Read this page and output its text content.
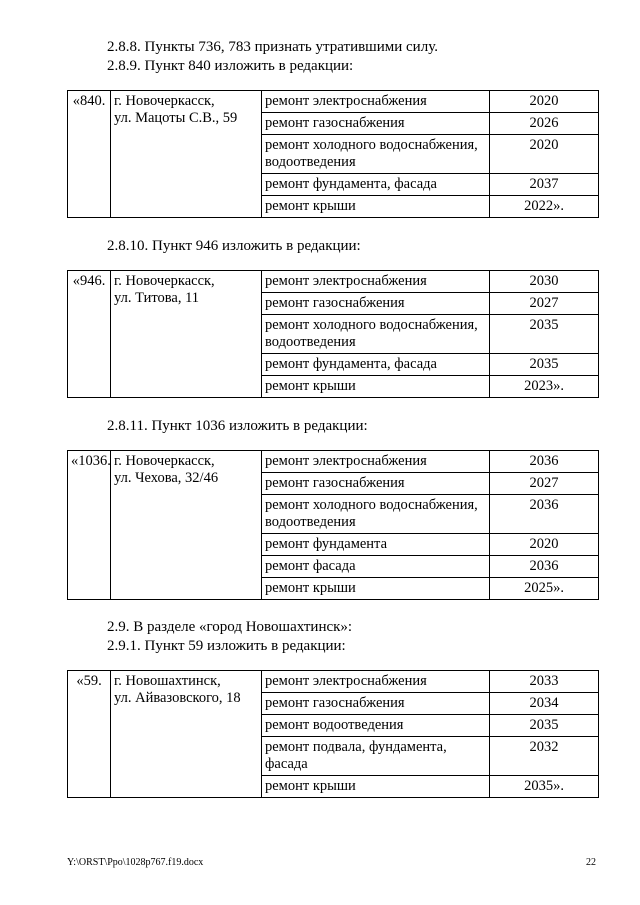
2.8.8. Пункты 736, 783 признать утратившими силу.
2.8.9. Пункт 840 изложить в редакции:
«840.	г. Новочеркасск,
ул. Мацоты С.В., 59	ремонт электроснабжения	2020

		ремонт газоснабжения	2026

		ремонт холодного водоснабжения,
водоотведения	2020

		ремонт фундамента, фасада	2037

		ремонт крыши	2022».
2.8.10. Пункт 946 изложить в редакции:
«946.	г. Новочеркасск,
ул. Титова, 11	ремонт электроснабжения	2030

		ремонт газоснабжения	2027

		ремонт холодного водоснабжения,
водоотведения	2035

		ремонт фундамента, фасада	2035

		ремонт крыши	2023».
2.8.11. Пункт 1036 изложить в редакции:
«1036.	г. Новочеркасск,
ул. Чехова, 32/46	ремонт электроснабжения	2036

		ремонт газоснабжения	2027

		ремонт холодного водоснабжения,
водоотведения	2036

		ремонт фундамента	2020

		ремонт фасада	2036

		ремонт крыши	2025».
2.9. В разделе «город Новошахтинск»:
2.9.1. Пункт 59 изложить в редакции:
«59.	г. Новошахтинск,
ул. Айвазовского, 18	ремонт электроснабжения	2033

		ремонт газоснабжения	2034

		ремонт водоотведения	2035

		ремонт подвала, фундамента,
фасада	2032

		ремонт крыши	2035».
Y:\ORST\Ppo\1028p767.f19.docx	22
